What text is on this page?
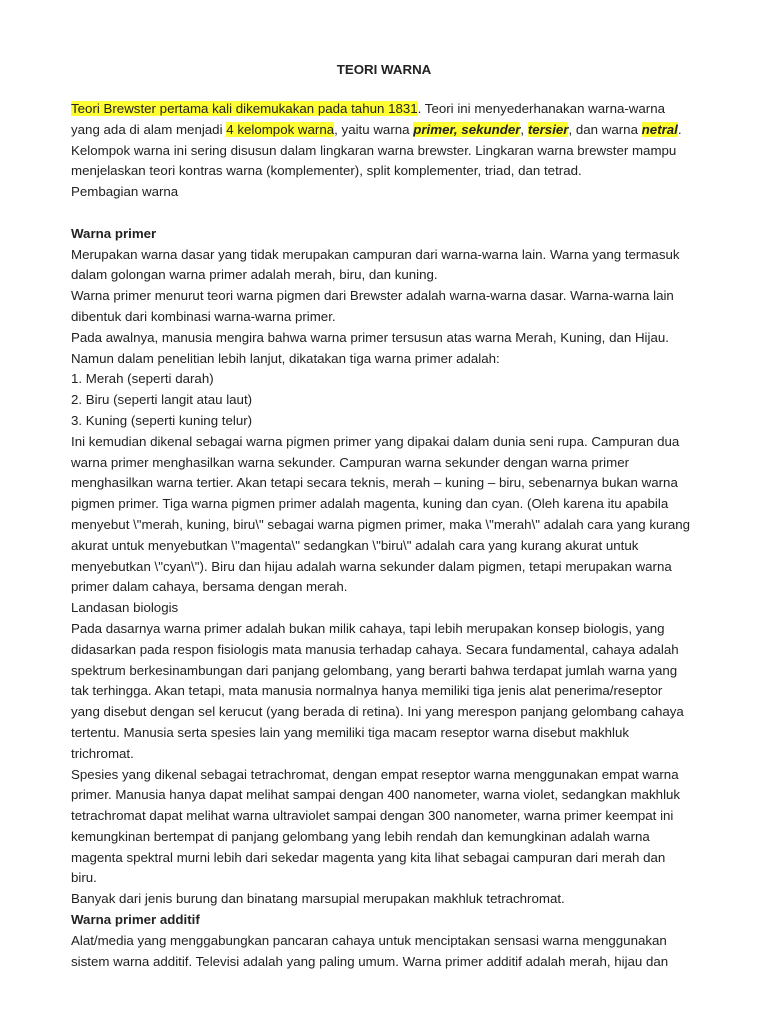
TEORI WARNA
Teori Brewster pertama kali dikemukakan pada tahun 1831. Teori ini menyederhanakan warna-warna
yang ada di alam menjadi 4 kelompok warna, yaitu warna primer, sekunder, tersier, dan warna netral.
Kelompok warna ini sering disusun dalam lingkaran warna brewster. Lingkaran warna brewster mampu
menjelaskan teori kontras warna (komplementer), split komplementer, triad, dan tetrad.
Pembagian warna
Warna primer
Merupakan warna dasar yang tidak merupakan campuran dari warna-warna lain. Warna yang termasuk
dalam golongan warna primer adalah merah, biru, dan kuning.
Warna primer menurut teori warna pigmen dari Brewster adalah warna-warna dasar. Warna-warna lain
dibentuk dari kombinasi warna-warna primer.
Pada awalnya, manusia mengira bahwa warna primer tersusun atas warna Merah, Kuning, dan Hijau.
Namun dalam penelitian lebih lanjut, dikatakan tiga warna primer adalah:
1. Merah (seperti darah)
2. Biru (seperti langit atau laut)
3. Kuning (seperti kuning telur)
Ini kemudian dikenal sebagai warna pigmen primer yang dipakai dalam dunia seni rupa. Campuran dua
warna primer menghasilkan warna sekunder. Campuran warna sekunder dengan warna primer
menghasilkan warna tertier. Akan tetapi secara teknis, merah – kuning – biru, sebenarnya bukan warna
pigmen primer. Tiga warna pigmen primer adalah magenta, kuning dan cyan. (Oleh karena itu apabila
menyebut \"merah, kuning, biru\" sebagai warna pigmen primer, maka \"merah\" adalah cara yang kurang
akurat untuk menyebutkan \"magenta\" sedangkan \"biru\" adalah cara yang kurang akurat untuk
menyebutkan \"cyan\"). Biru dan hijau adalah warna sekunder dalam pigmen, tetapi merupakan warna
primer dalam cahaya, bersama dengan merah.
Landasan biologis
Pada dasarnya warna primer adalah bukan milik cahaya, tapi lebih merupakan konsep biologis, yang
didasarkan pada respon fisiologis mata manusia terhadap cahaya. Secara fundamental, cahaya adalah
spektrum berkesinambungan dari panjang gelombang, yang berarti bahwa terdapat jumlah warna yang
tak terhingga. Akan tetapi, mata manusia normalnya hanya memiliki tiga jenis alat penerima/reseptor
yang disebut dengan sel kerucut (yang berada di retina). Ini yang merespon panjang gelombang cahaya
tertentu. Manusia serta spesies lain yang memiliki tiga macam reseptor warna disebut makhluk
trichromat.
Spesies yang dikenal sebagai tetrachromat, dengan empat reseptor warna menggunakan empat warna
primer. Manusia hanya dapat melihat sampai dengan 400 nanometer, warna violet, sedangkan makhluk
tetrachromat dapat melihat warna ultraviolet sampai dengan 300 nanometer, warna primer keempat ini
kemungkinan bertempat di panjang gelombang yang lebih rendah dan kemungkinan adalah warna
magenta spektral murni lebih dari sekedar magenta yang kita lihat sebagai campuran dari merah dan
biru.
Banyak dari jenis burung dan binatang marsupial merupakan makhluk tetrachromat.
Warna primer additif
Alat/media yang menggabungkan pancaran cahaya untuk menciptakan sensasi warna menggunakan
sistem warna additif. Televisi adalah yang paling umum. Warna primer additif adalah merah, hijau dan
